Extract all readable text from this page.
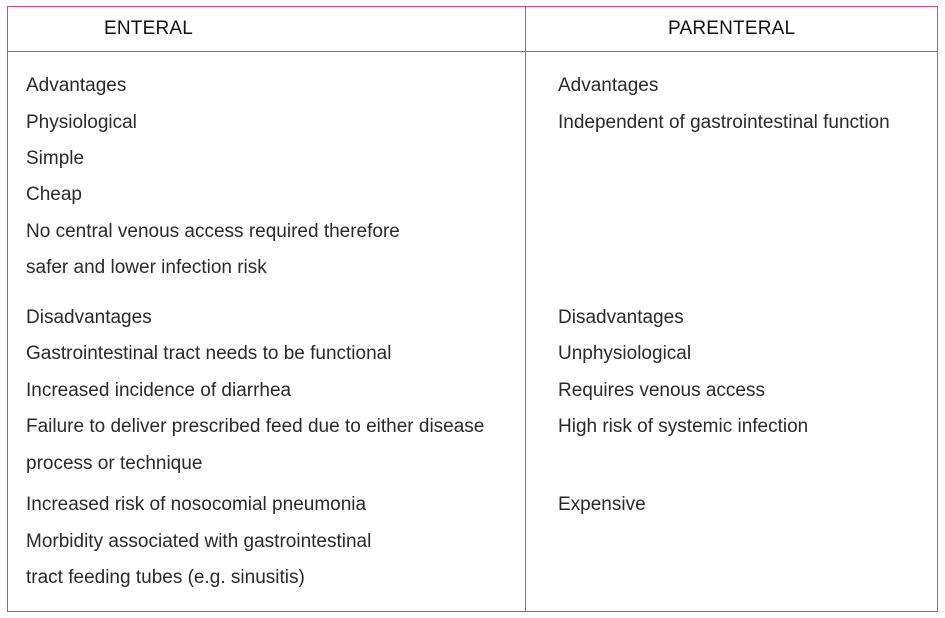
ENTERAL	PARENTERAL
Advantages
Physiological
Simple
Cheap
No central venous access required therefore
safer and lower infection risk
Disadvantages
Gastrointestinal tract needs to be functional
Increased incidence of diarrhea
Failure to deliver prescribed feed due to either disease
process or technique
Increased risk of nosocomial pneumonia
Morbidity associated with gastrointestinal
tract feeding tubes (e.g. sinusitis)
Advantages
Independent of gastrointestinal function
Disadvantages
Unphysiological
Requires venous access
High risk of systemic infection
Expensive
